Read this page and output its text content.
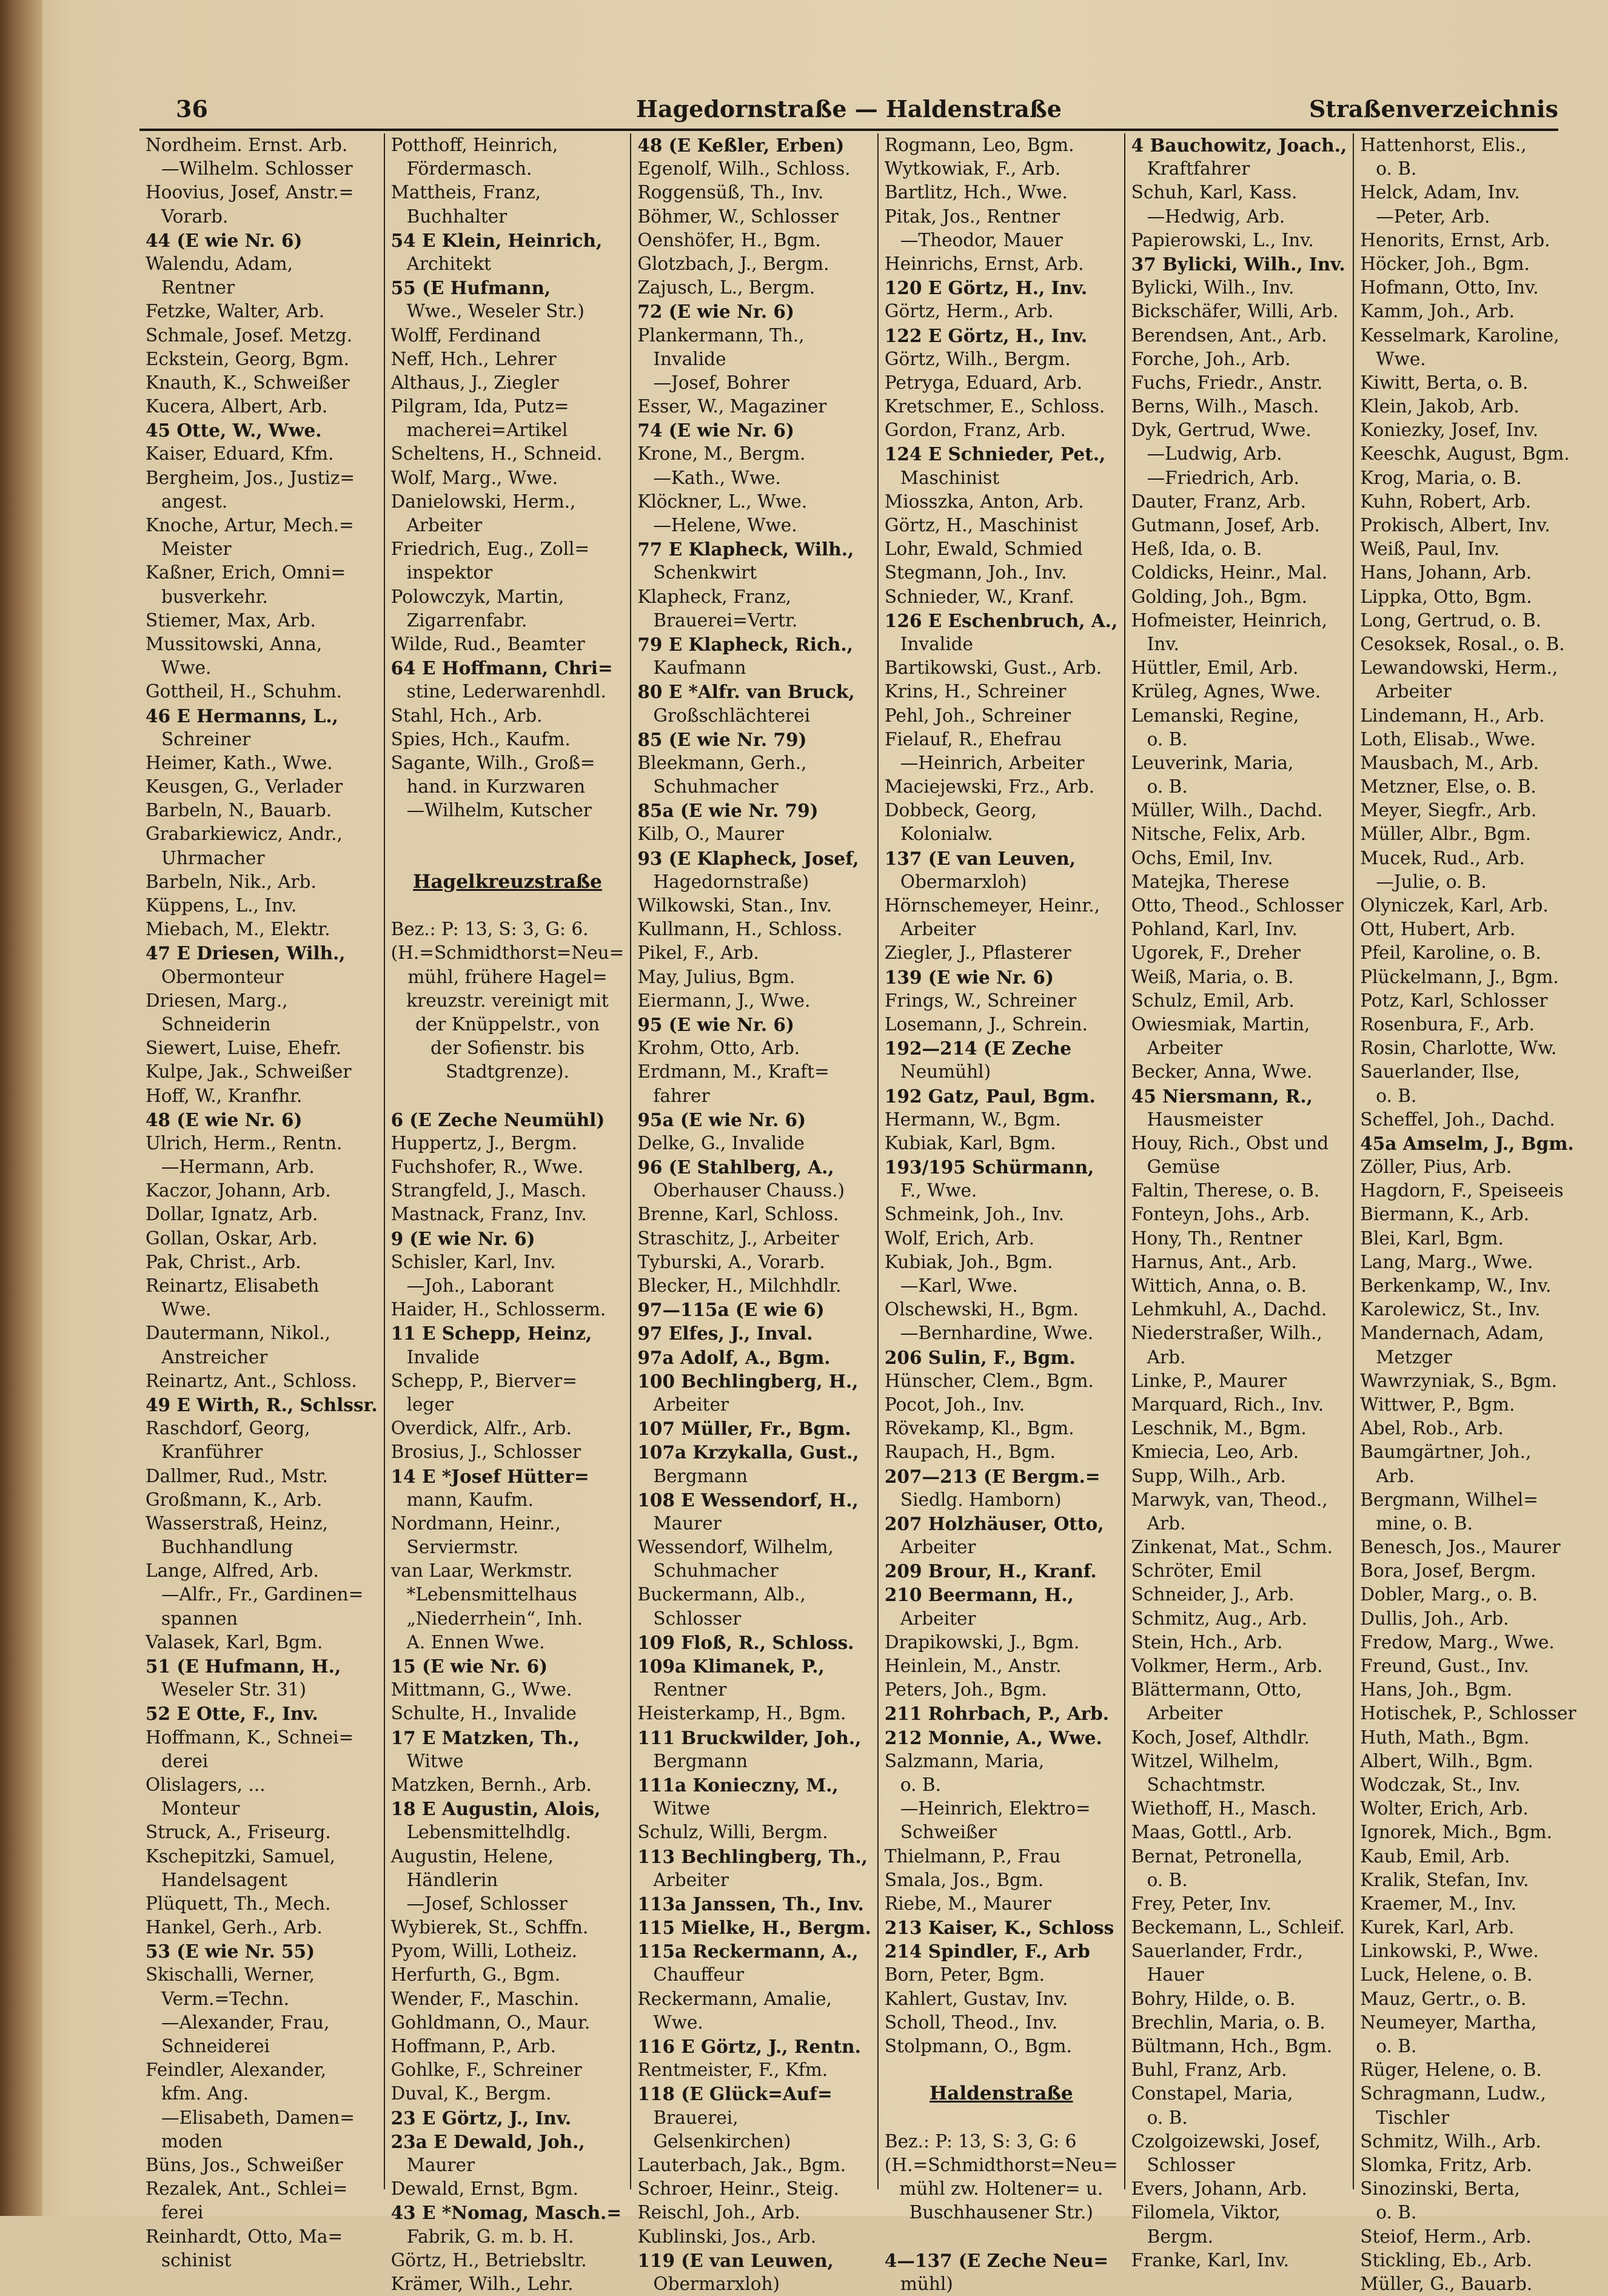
36	Hagedornstraße — Haldenstraße	Straßenverzeichnis
Nordheim. Ernst. Arb.
—Wilhelm. Schlosser
Hoovius, Josef, Anstr.=
Vorarb.
44 (E wie Nr. 6)
Walendu, Adam,
Rentner
Fetzke, Walter, Arb.
Schmale, Josef. Metzg.
Eckstein, Georg, Bgm.
Knauth, K., Schweißer
Kucera, Albert, Arb.
45 Otte, W., Wwe.
Kaiser, Eduard, Kfm.
Bergheim, Jos., Justiz=
angest.
Knoche, Artur, Mech.=
Meister
Kaßner, Erich, Omni=
busverkehr.
Stiemer, Max, Arb.
Mussitowski, Anna,
Wwe.
Gottheil, H., Schuhm.
46 E Hermanns, L.,
Schreiner
Heimer, Kath., Wwe.
Keusgen, G., Verlader
Barbeln, N., Bauarb.
Grabarkiewicz, Andr.,
Uhrmacher
Barbeln, Nik., Arb.
Küppens, L., Inv.
Miebach, M., Elektr.
47 E Driesen, Wilh.,
Obermonteur
Driesen, Marg.,
Schneiderin
Siewert, Luise, Ehefr.
Kulpe, Jak., Schweißer
Hoff, W., Kranfhr.
48 (E wie Nr. 6)
Ulrich, Herm., Rentn.
—Hermann, Arb.
Kaczor, Johann, Arb.
Dollar, Ignatz, Arb.
Gollan, Oskar, Arb.
Pak, Christ., Arb.
Reinartz, Elisabeth
Wwe.
Dautermann, Nikol.,
Anstreicher
Reinartz, Ant., Schloss.
49 E Wirth, R., Schlssr.
Raschdorf, Georg,
Kranführer
Dallmer, Rud., Mstr.
Großmann, K., Arb.
Wasserstraß, Heinz,
Buchhandlung
Lange, Alfred, Arb.
—Alfr., Fr., Gardinen=
spannen
Valasek, Karl, Bgm.
51 (E Hufmann, H.,
Weseler Str. 31)
52 E Otte, F., Inv.
Hoffmann, K., Schnei=
derei
Olislagers, ...
Monteur
Struck, A., Friseurg.
Kschepitzki, Samuel,
Handelsagent
Plüquett, Th., Mech.
Hankel, Gerh., Arb.
53 (E wie Nr. 55)
Skischalli, Werner,
Verm.=Techn.
—Alexander, Frau,
Schneiderei
Feindler, Alexander,
kfm. Ang.
—Elisabeth, Damen=
moden
Büns, Jos., Schweißer
Rezalek, Ant., Schlei=
ferei
Reinhardt, Otto, Ma=
schinist
Potthoff, Heinrich,
Fördermasch.
Mattheis, Franz,
Buchhalter
54 E Klein, Heinrich,
Architekt
55 (E Hufmann,
Wwe., Weseler Str.)
Wolff, Ferdinand
Neff, Hch., Lehrer
Althaus, J., Ziegler
Pilgram, Ida, Putz=
macherei=Artikel
Scheltens, H., Schneid.
Wolf, Marg., Wwe.
Danielowski, Herm.,
Arbeiter
Friedrich, Eug., Zoll=
inspektor
Polowczyk, Martin,
Zigarrenfabr.
Wilde, Rud., Beamter
64 E Hoffmann, Chri=
stine, Lederwarenhdl.
Stahl, Hch., Arb.
Spies, Hch., Kaufm.
Sagante, Wilh., Groß=
hand. in Kurzwaren
—Wilhelm, Kutscher
Hagelkreuzstraße
Bez.: P: 13, S: 3, G: 6.
(H.=Schmidthorst=Neu=
mühl, frühere Hagel=
kreuzstr. vereinigt mit
der Knüppelstr., von
der Sofienstr. bis
Stadtgrenze).
6 (E Zeche Neumühl)
Huppertz, J., Bergm.
Fuchshofer, R., Wwe.
Strangfeld, J., Masch.
Mastnack, Franz, Inv.
9 (E wie Nr. 6)
Schisler, Karl, Inv.
—Joh., Laborant
Haider, H., Schlosserm.
11 E Schepp, Heinz,
Invalide
Schepp, P., Bierver=
leger
Overdick, Alfr., Arb.
Brosius, J., Schlosser
14 E *Josef Hütter=
mann, Kaufm.
Nordmann, Heinr.,
Serviermstr.
van Laar, Werkmstr.
*Lebensmittelhaus
„Niederrhein“, Inh.
A. Ennen Wwe.
15 (E wie Nr. 6)
Mittmann, G., Wwe.
Schulte, H., Invalide
17 E Matzken, Th.,
Witwe
Matzken, Bernh., Arb.
18 E Augustin, Alois,
Lebensmittelhdlg.
Augustin, Helene,
Händlerin
—Josef, Schlosser
Wybierek, St., Schffn.
Pyom, Willi, Lotheiz.
Herfurth, G., Bgm.
Wender, F., Maschin.
Gohldmann, O., Maur.
Hoffmann, P., Arb.
Gohlke, F., Schreiner
Duval, K., Bergm.
23 E Görtz, J., Inv.
23a E Dewald, Joh.,
Maurer
Dewald, Ernst, Bgm.
43 E *Nomag, Masch.=
Fabrik, G. m. b. H.
Görtz, H., Betriebsltr.
Krämer, Wilh., Lehr.
48 (E Keßler, Erben)
Egenolf, Wilh., Schloss.
Roggensüß, Th., Inv.
Böhmer, W., Schlosser
Oenshöfer, H., Bgm.
Glotzbach, J., Bergm.
Zajusch, L., Bergm.
72 (E wie Nr. 6)
Plankermann, Th.,
Invalide
—Josef, Bohrer
Esser, W., Magaziner
74 (E wie Nr. 6)
Krone, M., Bergm.
—Kath., Wwe.
Klöckner, L., Wwe.
—Helene, Wwe.
77 E Klapheck, Wilh.,
Schenkwirt
Klapheck, Franz,
Brauerei=Vertr.
79 E Klapheck, Rich.,
Kaufmann
80 E *Alfr. van Bruck,
Großschlächterei
85 (E wie Nr. 79)
Bleekmann, Gerh.,
Schuhmacher
85a (E wie Nr. 79)
Kilb, O., Maurer
93 (E Klapheck, Josef,
Hagedornstraße)
Wilkowski, Stan., Inv.
Kullmann, H., Schloss.
Pikel, F., Arb.
May, Julius, Bgm.
Eiermann, J., Wwe.
95 (E wie Nr. 6)
Krohm, Otto, Arb.
Erdmann, M., Kraft=
fahrer
95a (E wie Nr. 6)
Delke, G., Invalide
96 (E Stahlberg, A.,
Oberhauser Chauss.)
Brenne, Karl, Schloss.
Straschitz, J., Arbeiter
Tyburski, A., Vorarb.
Blecker, H., Milchhdlr.
97—115a (E wie 6)
97 Elfes, J., Inval.
97a Adolf, A., Bgm.
100 Bechlingberg, H.,
Arbeiter
107 Müller, Fr., Bgm.
107a Krzykalla, Gust.,
Bergmann
108 E Wessendorf, H.,
Maurer
Wessendorf, Wilhelm,
Schuhmacher
Buckermann, Alb.,
Schlosser
109 Floß, R., Schloss.
109a Klimanek, P.,
Rentner
Heisterkamp, H., Bgm.
111 Bruckwilder, Joh.,
Bergmann
111a Konieczny, M.,
Witwe
Schulz, Willi, Bergm.
113 Bechlingberg, Th.,
Arbeiter
113a Janssen, Th., Inv.
115 Mielke, H., Bergm.
115a Reckermann, A.,
Chauffeur
Reckermann, Amalie,
Wwe.
116 E Görtz, J., Rentn.
Rentmeister, F., Kfm.
118 (E Glück=Auf=
Brauerei,
Gelsenkirchen)
Lauterbach, Jak., Bgm.
Schroer, Heinr., Steig.
Reischl, Joh., Arb.
Kublinski, Jos., Arb.
119 (E van Leuwen,
Obermarxloh)
Rogmann, Leo, Bgm.
Wytkowiak, F., Arb.
Bartlitz, Hch., Wwe.
Pitak, Jos., Rentner
—Theodor, Mauer
Heinrichs, Ernst, Arb.
120 E Görtz, H., Inv.
Görtz, Herm., Arb.
122 E Görtz, H., Inv.
Görtz, Wilh., Bergm.
Petryga, Eduard, Arb.
Kretschmer, E., Schloss.
Gordon, Franz, Arb.
124 E Schnieder, Pet.,
Maschinist
Miosszka, Anton, Arb.
Görtz, H., Maschinist
Lohr, Ewald, Schmied
Stegmann, Joh., Inv.
Schnieder, W., Kranf.
126 E Eschenbruch, A.,
Invalide
Bartikowski, Gust., Arb.
Krins, H., Schreiner
Pehl, Joh., Schreiner
Fielauf, R., Ehefrau
—Heinrich, Arbeiter
Maciejewski, Frz., Arb.
Dobbeck, Georg,
Kolonialw.
137 (E van Leuven,
Obermarxloh)
Hörnschemeyer, Heinr.,
Arbeiter
Ziegler, J., Pflasterer
139 (E wie Nr. 6)
Frings, W., Schreiner
Losemann, J., Schrein.
192—214 (E Zeche
Neumühl)
192 Gatz, Paul, Bgm.
Hermann, W., Bgm.
Kubiak, Karl, Bgm.
193/195 Schürmann,
F., Wwe.
Schmeink, Joh., Inv.
Wolf, Erich, Arb.
Kubiak, Joh., Bgm.
—Karl, Wwe.
Olschewski, H., Bgm.
—Bernhardine, Wwe.
206 Sulin, F., Bgm.
Hünscher, Clem., Bgm.
Pocot, Joh., Inv.
Rövekamp, Kl., Bgm.
Raupach, H., Bgm.
207—213 (E Bergm.=
Siedlg. Hamborn)
207 Holzhäuser, Otto,
Arbeiter
209 Brour, H., Kranf.
210 Beermann, H.,
Arbeiter
Drapikowski, J., Bgm.
Heinlein, M., Anstr.
Peters, Joh., Bgm.
211 Rohrbach, P., Arb.
212 Monnie, A., Wwe.
Salzmann, Maria,
o. B.
—Heinrich, Elektro=
Schweißer
Thielmann, P., Frau
Smala, Jos., Bgm.
Riebe, M., Maurer
213 Kaiser, K., Schloss
214 Spindler, F., Arb
Born, Peter, Bgm.
Kahlert, Gustav, Inv.
Scholl, Theod., Inv.
Stolpmann, O., Bgm.
Haldenstraße
Bez.: P: 13, S: 3, G: 6
(H.=Schmidthorst=Neu=
mühl zw. Holtener= u.
Buschhausener Str.)
4—137 (E Zeche Neu=
mühl)
4 Bauchowitz, Joach.,
Kraftfahrer
Schuh, Karl, Kass.
—Hedwig, Arb.
Papierowski, L., Inv.
37 Bylicki, Wilh., Inv.
Bylicki, Wilh., Inv.
Bickschäfer, Willi, Arb.
Berendsen, Ant., Arb.
Forche, Joh., Arb.
Fuchs, Friedr., Anstr.
Berns, Wilh., Masch.
Dyk, Gertrud, Wwe.
—Ludwig, Arb.
—Friedrich, Arb.
Dauter, Franz, Arb.
Gutmann, Josef, Arb.
Heß, Ida, o. B.
Coldicks, Heinr., Mal.
Golding, Joh., Bgm.
Hofmeister, Heinrich,
Inv.
Hüttler, Emil, Arb.
Krüleg, Agnes, Wwe.
Lemanski, Regine,
o. B.
Leuverink, Maria,
o. B.
Müller, Wilh., Dachd.
Nitsche, Felix, Arb.
Ochs, Emil, Inv.
Matejka, Therese
Otto, Theod., Schlosser
Pohland, Karl, Inv.
Ugorek, F., Dreher
Weiß, Maria, o. B.
Schulz, Emil, Arb.
Owiesmiak, Martin,
Arbeiter
Becker, Anna, Wwe.
45 Niersmann, R.,
Hausmeister
Houy, Rich., Obst und
Gemüse
Faltin, Therese, o. B.
Fonteyn, Johs., Arb.
Hony, Th., Rentner
Harnus, Ant., Arb.
Wittich, Anna, o. B.
Lehmkuhl, A., Dachd.
Niederstraßer, Wilh.,
Arb.
Linke, P., Maurer
Marquard, Rich., Inv.
Leschnik, M., Bgm.
Kmiecia, Leo, Arb.
Supp, Wilh., Arb.
Marwyk, van, Theod.,
Arb.
Zinkenat, Mat., Schm.
Schröter, Emil
Schneider, J., Arb.
Schmitz, Aug., Arb.
Stein, Hch., Arb.
Volkmer, Herm., Arb.
Blättermann, Otto,
Arbeiter
Koch, Josef, Althdlr.
Witzel, Wilhelm,
Schachtmstr.
Wiethoff, H., Masch.
Maas, Gottl., Arb.
Bernat, Petronella,
o. B.
Frey, Peter, Inv.
Beckemann, L., Schleif.
Sauerlander, Frdr.,
Hauer
Bohry, Hilde, o. B.
Brechlin, Maria, o. B.
Bültmann, Hch., Bgm.
Buhl, Franz, Arb.
Constapel, Maria,
o. B.
Czolgoizewski, Josef,
Schlosser
Evers, Johann, Arb.
Filomela, Viktor,
Bergm.
Franke, Karl, Inv.
Hattenhorst, Elis.,
o. B.
Helck, Adam, Inv.
—Peter, Arb.
Henorits, Ernst, Arb.
Höcker, Joh., Bgm.
Hofmann, Otto, Inv.
Kamm, Joh., Arb.
Kesselmark, Karoline,
Wwe.
Kiwitt, Berta, o. B.
Klein, Jakob, Arb.
Koniezky, Josef, Inv.
Keeschk, August, Bgm.
Krog, Maria, o. B.
Kuhn, Robert, Arb.
Prokisch, Albert, Inv.
Weiß, Paul, Inv.
Hans, Johann, Arb.
Lippka, Otto, Bgm.
Long, Gertrud, o. B.
Cesoksek, Rosal., o. B.
Lewandowski, Herm.,
Arbeiter
Lindemann, H., Arb.
Loth, Elisab., Wwe.
Mausbach, M., Arb.
Metzner, Else, o. B.
Meyer, Siegfr., Arb.
Müller, Albr., Bgm.
Mucek, Rud., Arb.
—Julie, o. B.
Olyniczek, Karl, Arb.
Ott, Hubert, Arb.
Pfeil, Karoline, o. B.
Plückelmann, J., Bgm.
Potz, Karl, Schlosser
Rosenbura, F., Arb.
Rosin, Charlotte, Ww.
Sauerlander, Ilse,
o. B.
Scheffel, Joh., Dachd.
45a Amselm, J., Bgm.
Zöller, Pius, Arb.
Hagdorn, F., Speiseeis
Biermann, K., Arb.
Blei, Karl, Bgm.
Lang, Marg., Wwe.
Berkenkamp, W., Inv.
Karolewicz, St., Inv.
Mandernach, Adam,
Metzger
Wawrzyniak, S., Bgm.
Wittwer, P., Bgm.
Abel, Rob., Arb.
Baumgärtner, Joh.,
Arb.
Bergmann, Wilhel=
mine, o. B.
Benesch, Jos., Maurer
Bora, Josef, Bergm.
Dobler, Marg., o. B.
Dullis, Joh., Arb.
Fredow, Marg., Wwe.
Freund, Gust., Inv.
Hans, Joh., Bgm.
Hotischek, P., Schlosser
Huth, Math., Bgm.
Albert, Wilh., Bgm.
Wodczak, St., Inv.
Wolter, Erich, Arb.
Ignorek, Mich., Bgm.
Kaub, Emil, Arb.
Kralik, Stefan, Inv.
Kraemer, M., Inv.
Kurek, Karl, Arb.
Linkowski, P., Wwe.
Luck, Helene, o. B.
Mauz, Gertr., o. B.
Neumeyer, Martha,
o. B.
Rüger, Helene, o. B.
Schragmann, Ludw.,
Tischler
Schmitz, Wilh., Arb.
Slomka, Fritz, Arb.
Sinozinski, Berta,
o. B.
Steiof, Herm., Arb.
Stickling, Eb., Arb.
Müller, G., Bauarb.
